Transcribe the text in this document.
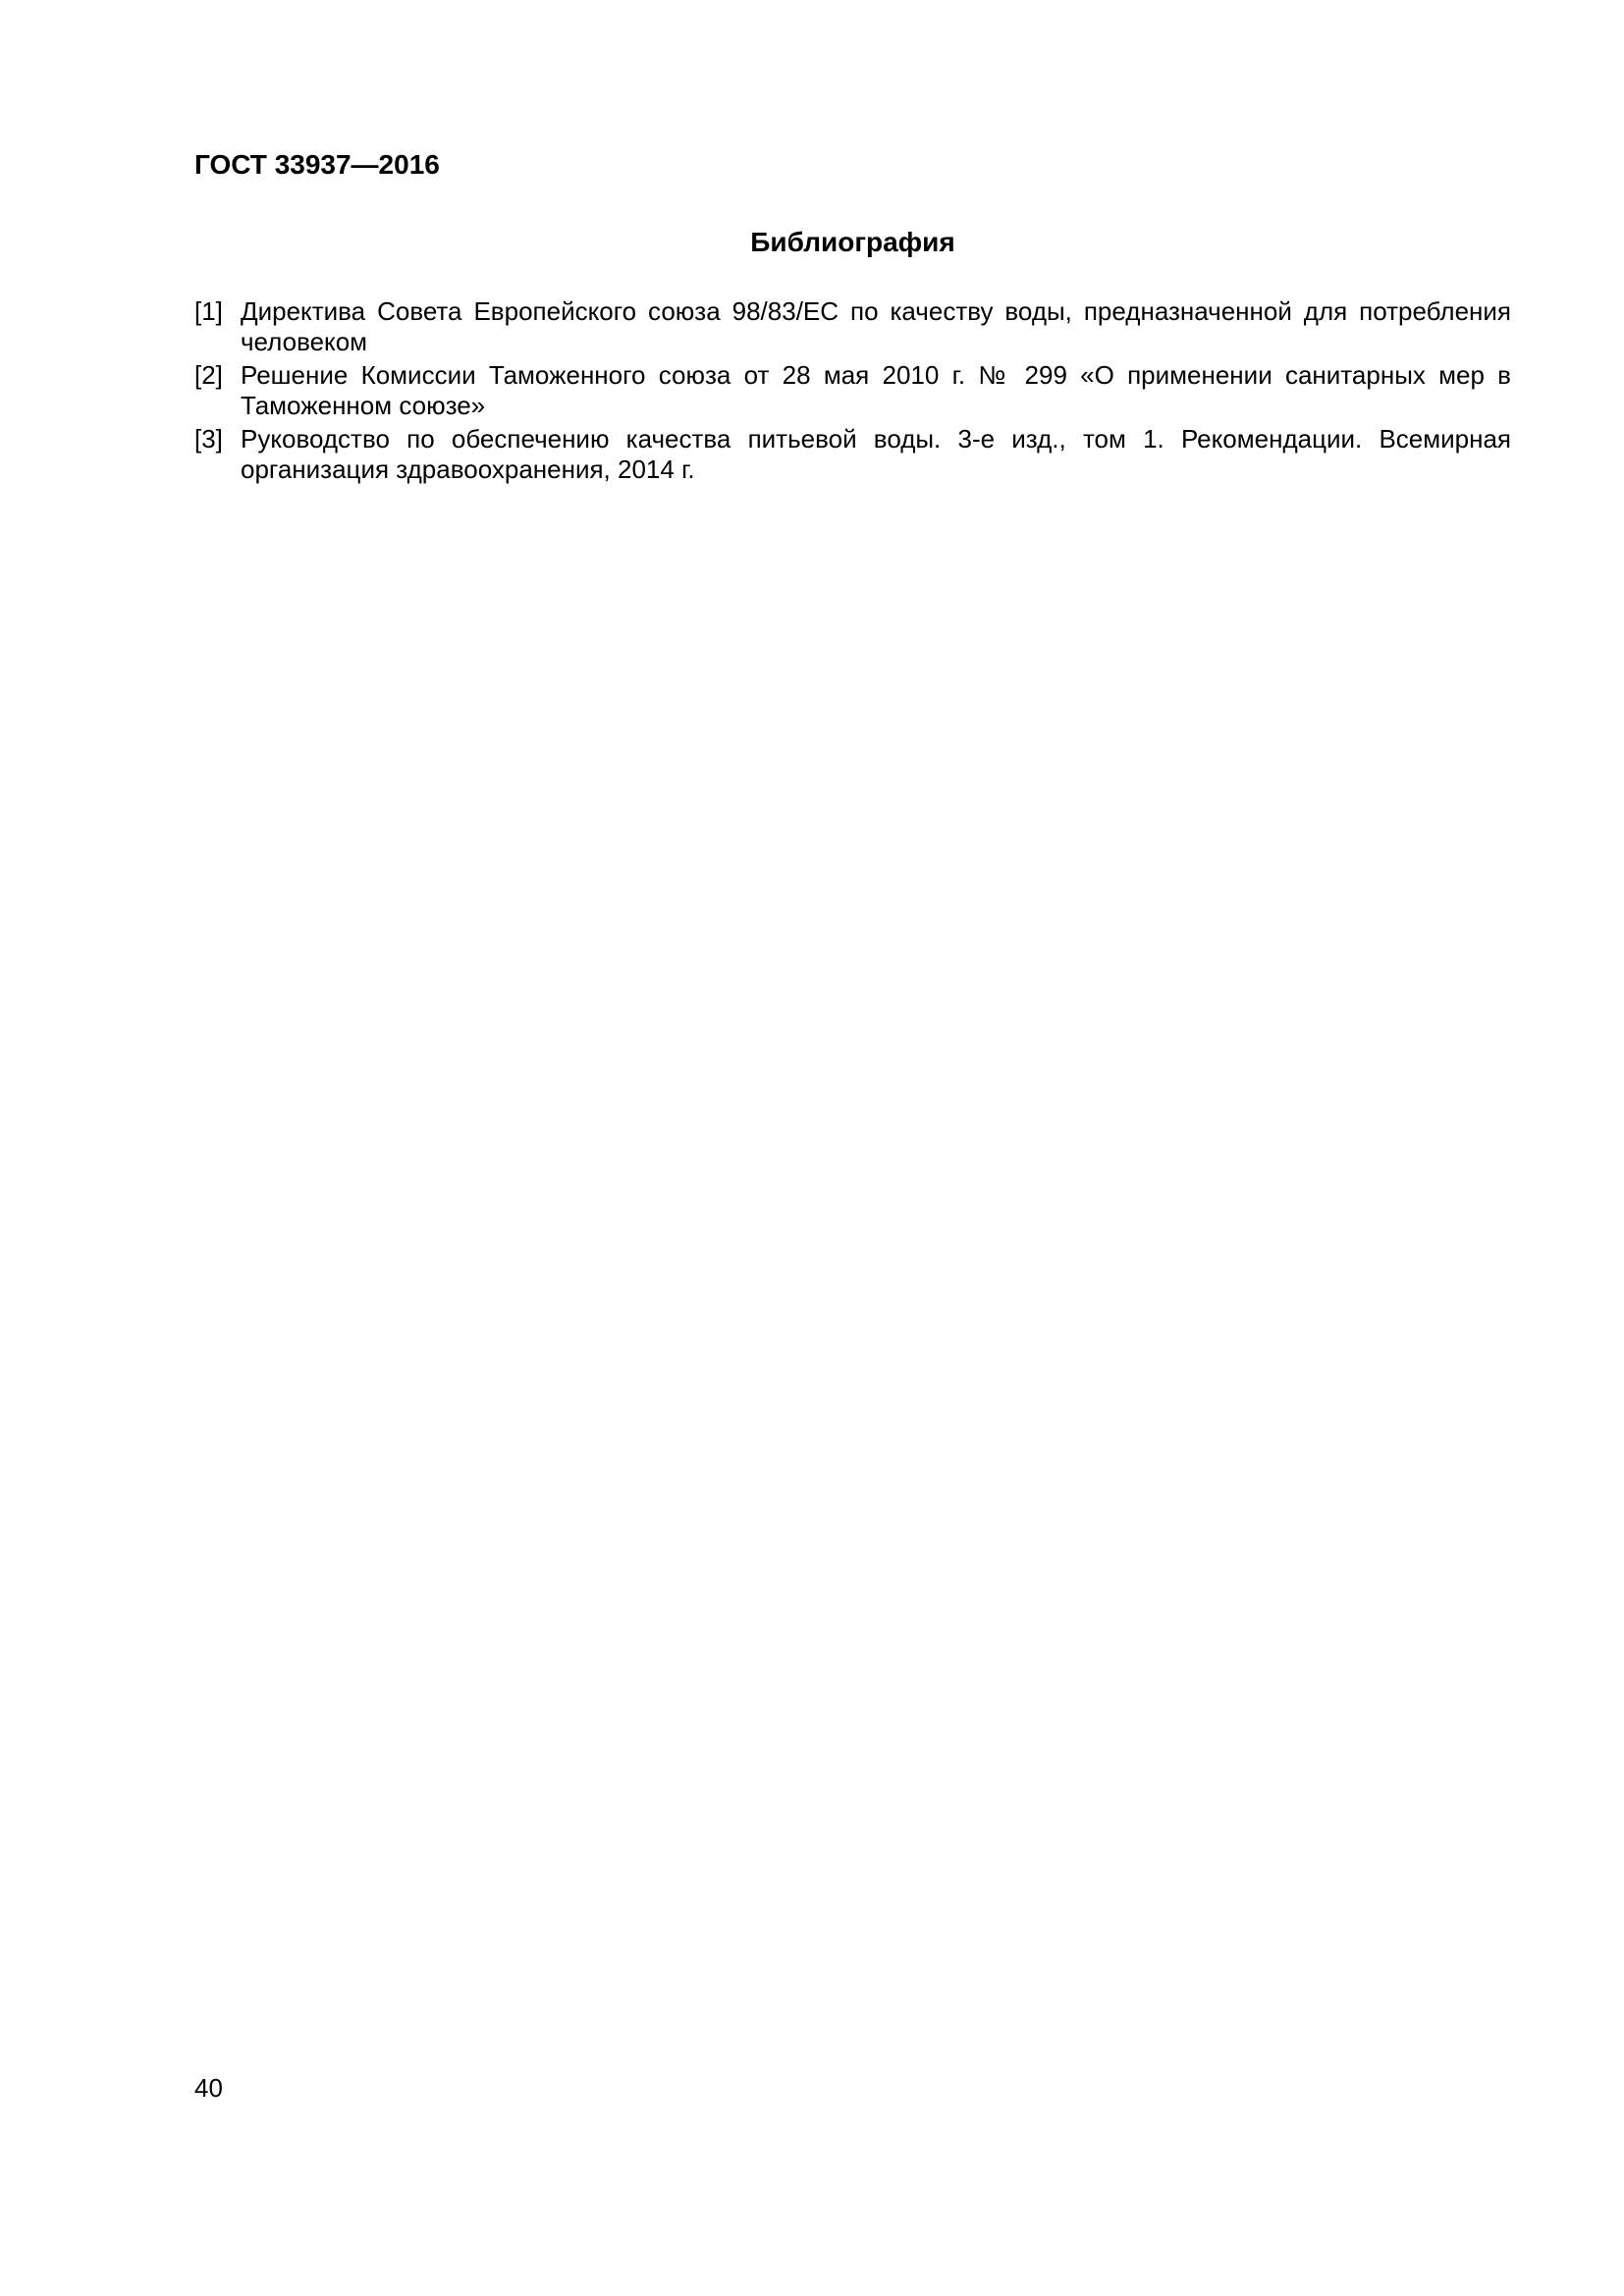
ГОСТ 33937—2016
Библиография
[1] Директива Совета Европейского союза 98/83/ЕС по качеству воды, предназначенной для потребления человеком
[2] Решение Комиссии Таможенного союза от 28 мая 2010 г. № 299 «О применении санитарных мер в Таможенном союзе»
[3] Руководство по обеспечению качества питьевой воды. 3-е изд., том 1. Рекомендации. Всемирная организация здравоохранения, 2014 г.
40
